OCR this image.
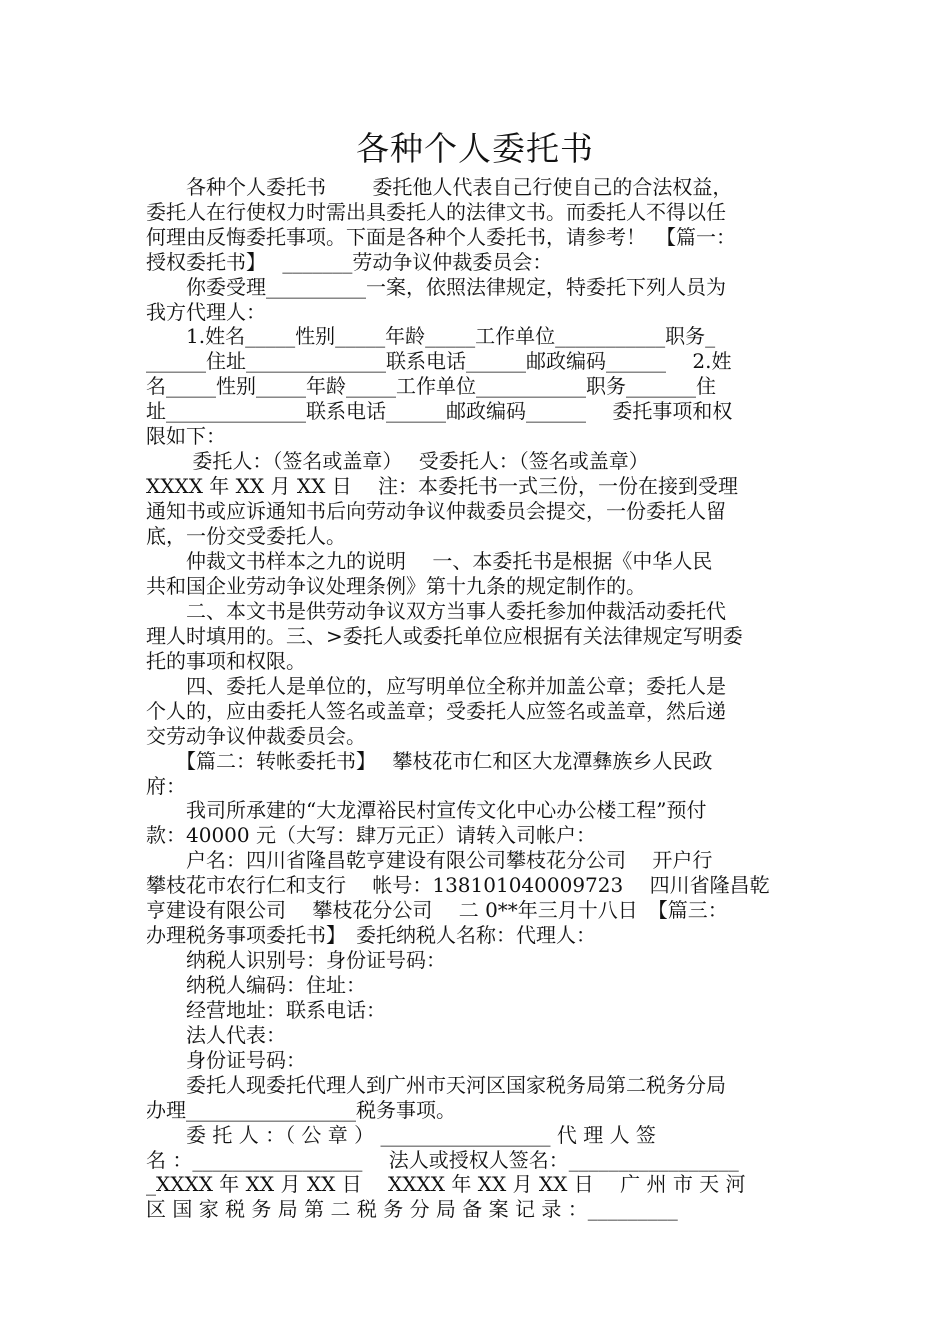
各种个人委托书
　　各种个人委托书　　 委托他人代表自己行使自己的合法权益，
委托人在行使权力时需出具委托人的法律文书。而委托人不得以任
何理由反悔委托事项。下面是各种个人委托书，请参考！　【篇一：
授权委托书】　 _______劳动争议仲裁委员会：
　　你委受理__________一案，依照法律规定，特委托下列人员为
我方代理人：
　　1.姓名_____性别_____年龄_____工作单位___________职务_
______住址______________联系电话______邮政编码______　 2.姓
名_____性别_____年龄_____工作单位___________职务_______住
址______________联系电话______邮政编码______　 委托事项和权
限如下：
　　 委托人：（签名或盖章）　 受委托人：（签名或盖章）
XXXX 年 XX 月 XX 日　 注：本委托书一式三份，一份在接到受理
通知书或应诉通知书后向劳动争议仲裁委员会提交，一份委托人留
底，一份交受委托人。
　　仲裁文书样本之九的说明　 一、本委托书是根据《中华人民
共和国企业劳动争议处理条例》第十九条的规定制作的。
　　二、本文书是供劳动争议双方当事人委托参加仲裁活动委托代
理人时填用的。三、>委托人或委托单位应根据有关法律规定写明委
托的事项和权限。
　　四、委托人是单位的，应写明单位全称并加盖公章；委托人是
个人的，应由委托人签名或盖章；受委托人应签名或盖章，然后递
交劳动争议仲裁委员会。
　　【篇二：转帐委托书】　 攀枝花市仁和区大龙潭彝族乡人民政
府：
　　我司所承建的“大龙潭裕民村宣传文化中心办公楼工程”预付
款：40000 元（大写：肆万元正）请转入司帐户：
　　户名：四川省隆昌乾亨建设有限公司攀枝花分公司　 开户行
攀枝花市农行仁和支行　 帐号：138101040009723　 四川省隆昌乾
亨建设有限公司　 攀枝花分公司　 二 0**年三月十八日　【篇三：
办理税务事项委托书】　委托纳税人名称：代理人：
　　纳税人识别号：身份证号码：
　　纳税人编码：住址：
　　经营地址：联系电话：
　　法人代表：
　　身份证号码：
　　委托人现委托代理人到广州市天河区国家税务局第二税务分局
办理_________________税务事项。
　　委 托 人 ：（ 公 章 ） _________________ 代 理 人 签
名 ：_________________　 法人或授权人签名：_________________
_XXXX 年 XX 月 XX 日　 XXXX 年 XX 月 XX 日　 广 州 市 天 河
区 国 家 税 务 局 第 二 税 务 分 局 备 案 记 录 ：_________
